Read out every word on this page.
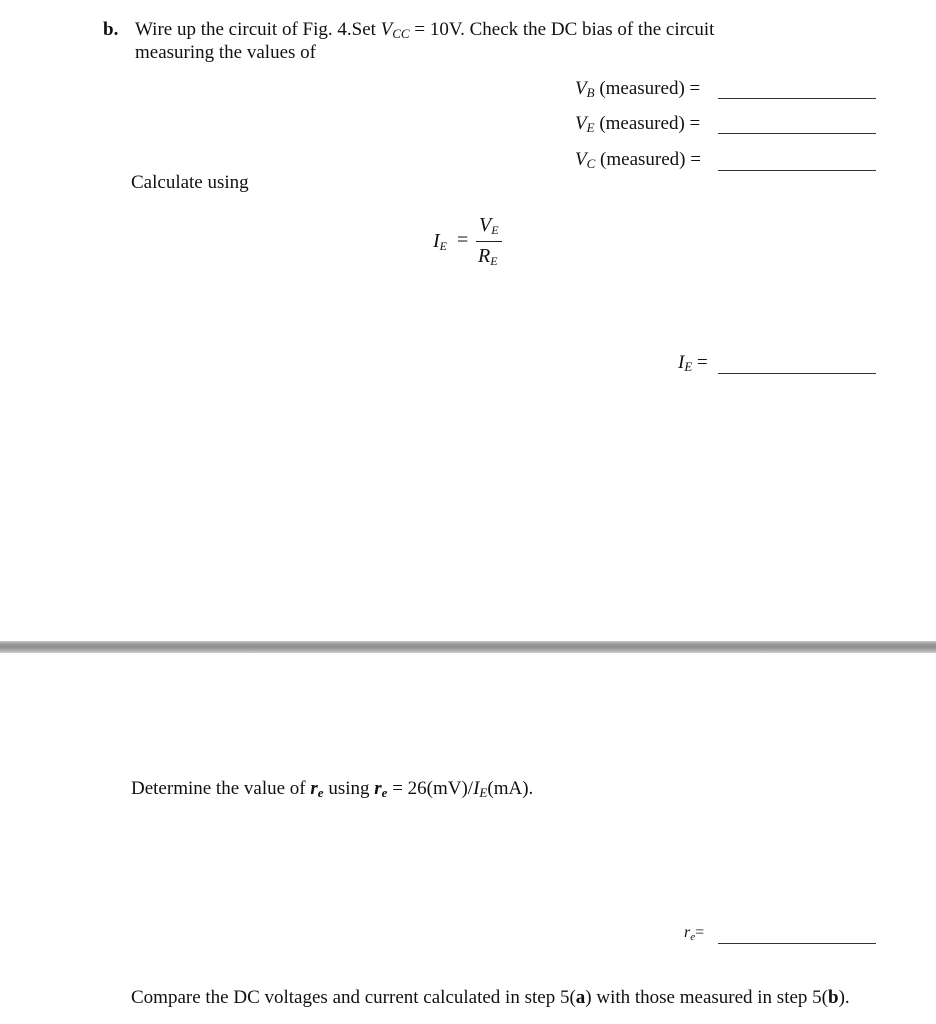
b. Wire up the circuit of Fig. 4.Set VCC = 10V. Check the DC bias of the circuit
measuring the values of
VB (measured) =
VE (measured) =
VC (measured) =
Calculate using
IE =
VE
RE
IE =
Determine the value of re using re = 26(mV)/IE(mA).
re=
Compare the DC voltages and current calculated in step 5(a) with those measured in step 5(b).
